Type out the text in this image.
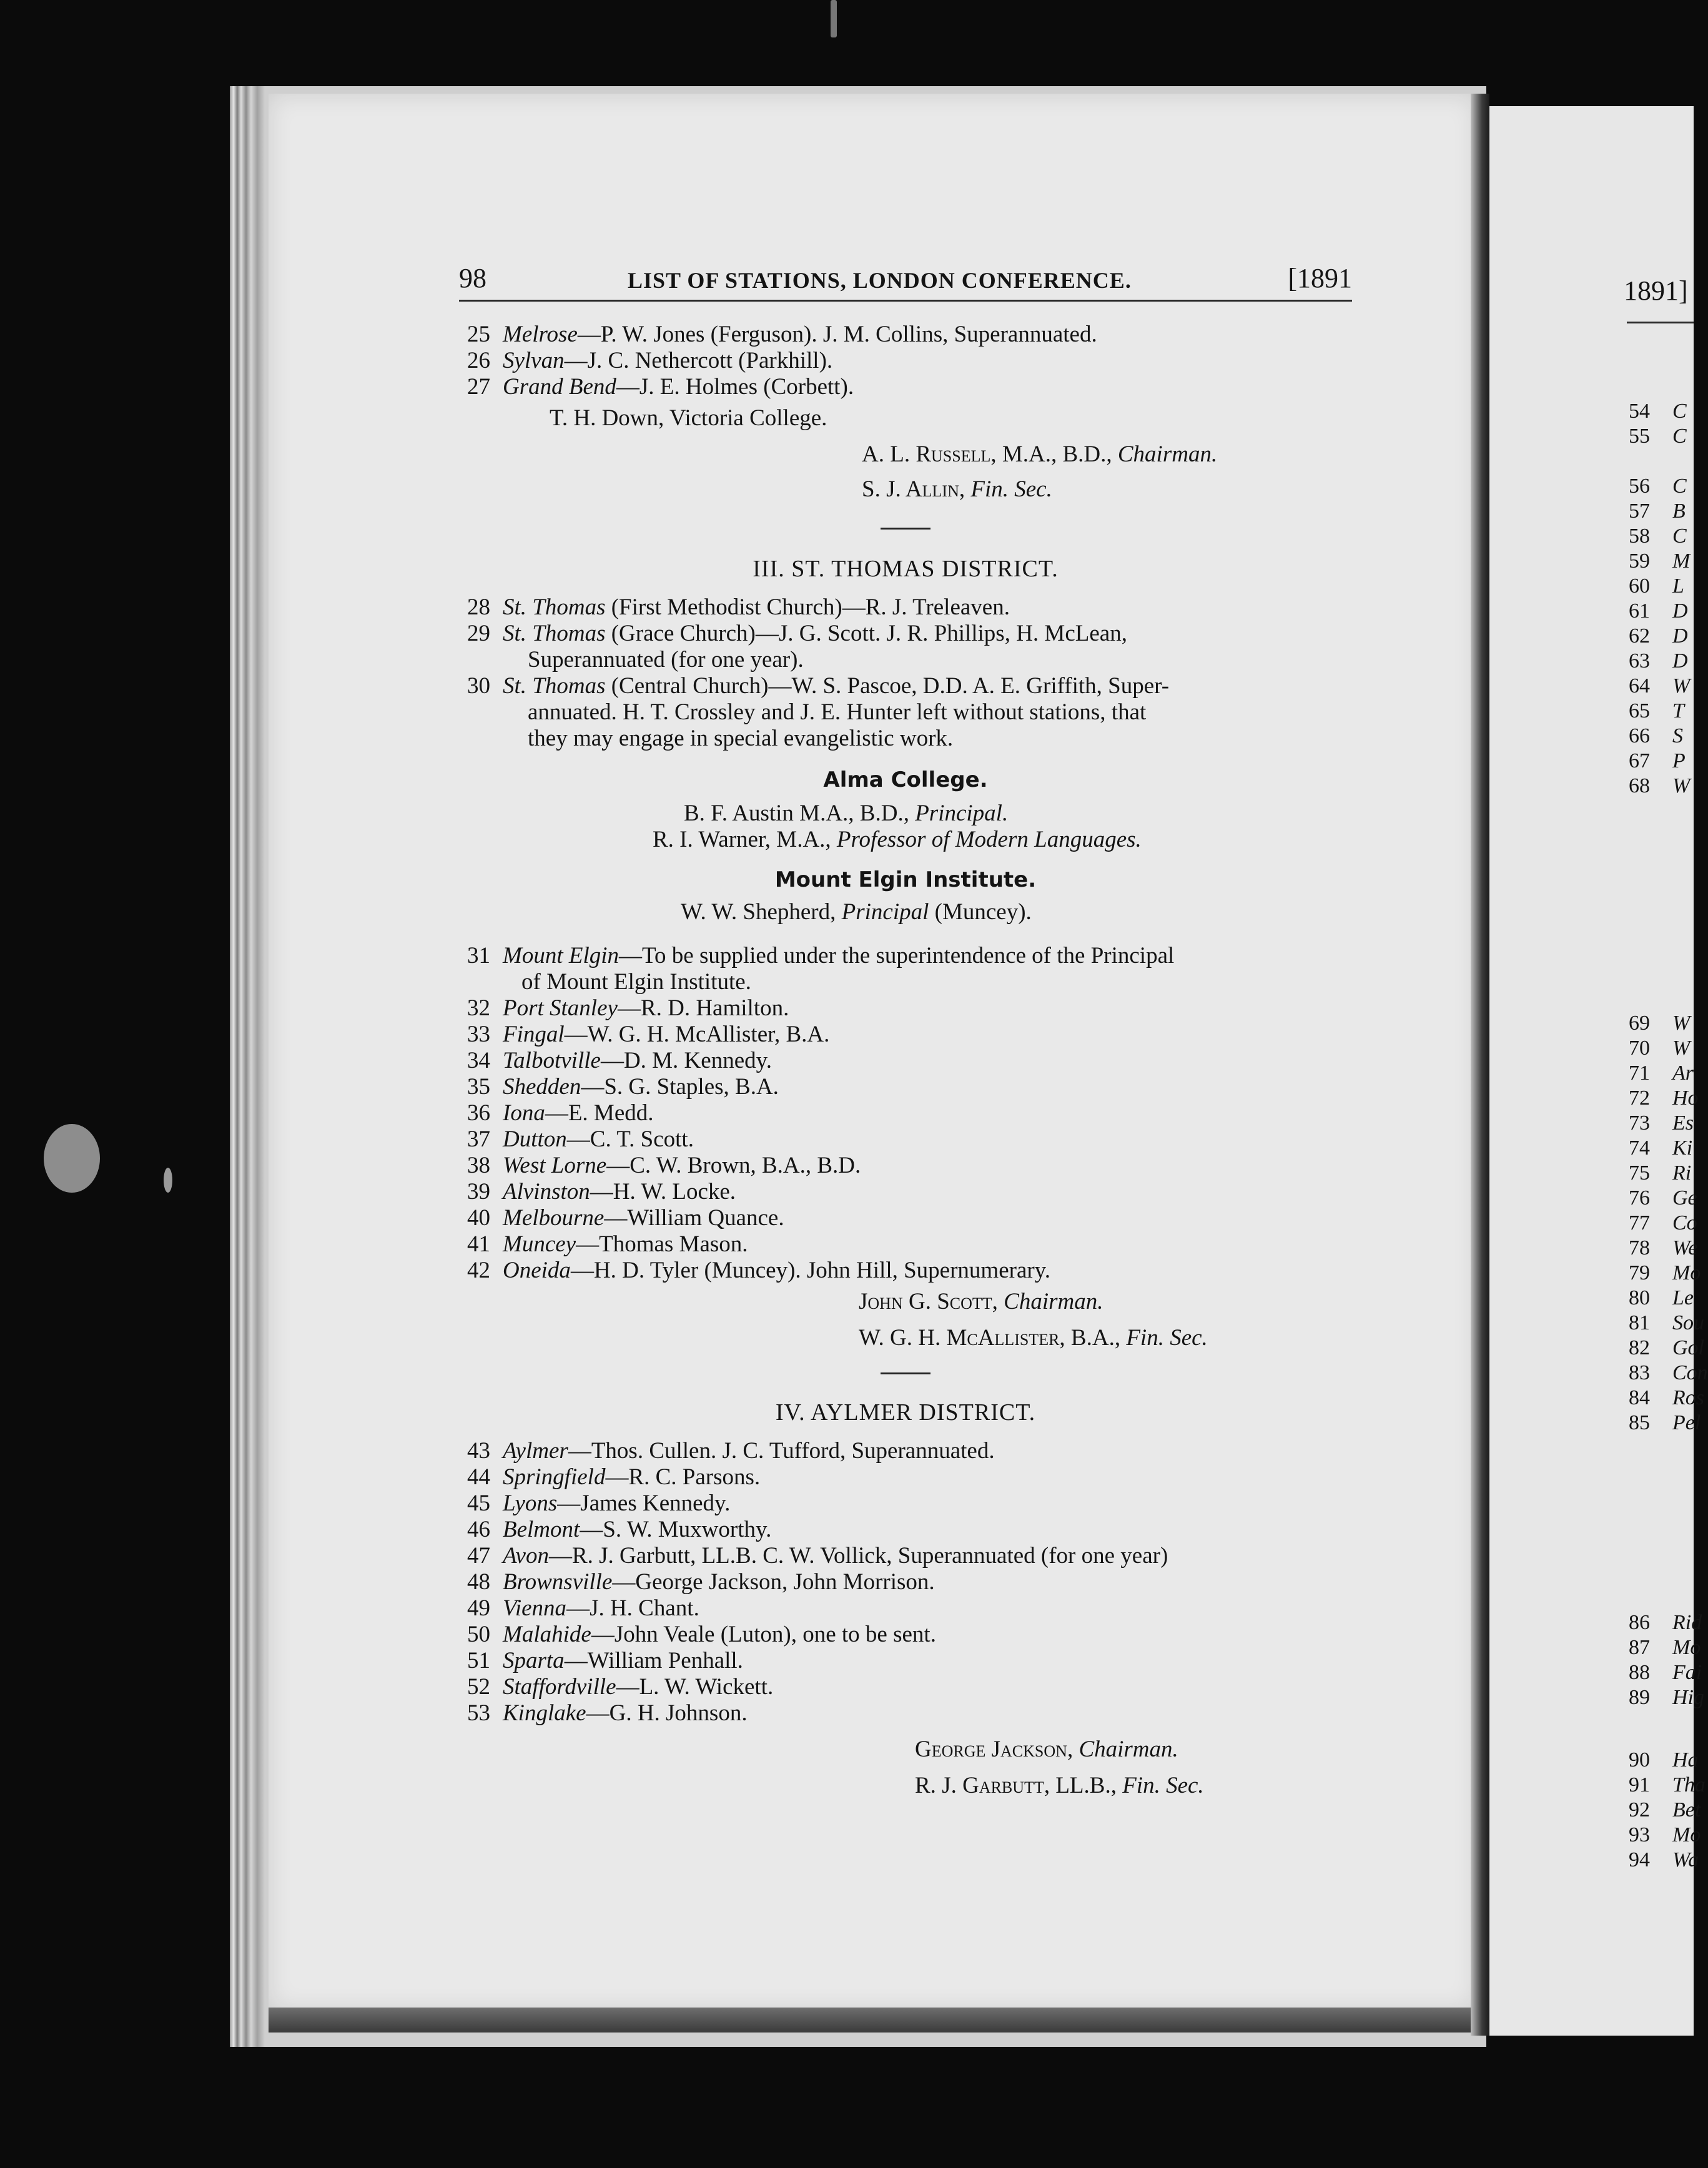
1891]
54 C
55 C
56 C
57 B
58 C
59 M
60 L
61 D
62 D
63 D
64 W
65 T
66 S
67 P
68 W
69 W
70 W
71 Ar
72 Ho
73 Es
74 Ki
75 Ri
76 Ge
77 Co
78 We
79 Mo
80 Le
81 Sou
82 Gol
83 Con
84 Ros
85 Pel
86 Rid
87 Mo
88 Fai
89 Hig
90 Ha
91 Tha
92 Bet
93 Mo
94 Wa
98	LIST OF STATIONS, LONDON CONFERENCE.	[1891
25 Melrose—P. W. Jones (Ferguson). J. M. Collins, Superannuated.
26 Sylvan—J. C. Nethercott (Parkhill).
27 Grand Bend—J. E. Holmes (Corbett).
T. H. Down, Victoria College.
A. L. Russell, M.A., B.D., Chairman.
S. J. Allin, Fin. Sec.
III. ST. THOMAS DISTRICT.
28 St. Thomas (First Methodist Church)—R. J. Treleaven.
29 St. Thomas (Grace Church)—J. G. Scott. J. R. Phillips, H. McLean,
Superannuated (for one year).
30 St. Thomas (Central Church)—W. S. Pascoe, D.D. A. E. Griffith, Super-
annuated. H. T. Crossley and J. E. Hunter left without stations, that
they may engage in special evangelistic work.
Alma College.
B. F. Austin M.A., B.D., Principal.
R. I. Warner, M.A., Professor of Modern Languages.
Mount Elgin Institute.
W. W. Shepherd, Principal (Muncey).
31 Mount Elgin—To be supplied under the superintendence of the Principal
of Mount Elgin Institute.
32 Port Stanley—R. D. Hamilton.
33 Fingal—W. G. H. McAllister, B.A.
34 Talbotville—D. M. Kennedy.
35 Shedden—S. G. Staples, B.A.
36 Iona—E. Medd.
37 Dutton—C. T. Scott.
38 West Lorne—C. W. Brown, B.A., B.D.
39 Alvinston—H. W. Locke.
40 Melbourne—William Quance.
41 Muncey—Thomas Mason.
42 Oneida—H. D. Tyler (Muncey). John Hill, Supernumerary.
John G. Scott, Chairman.
W. G. H. McAllister, B.A., Fin. Sec.
IV. AYLMER DISTRICT.
43 Aylmer—Thos. Cullen. J. C. Tufford, Superannuated.
44 Springfield—R. C. Parsons.
45 Lyons—James Kennedy.
46 Belmont—S. W. Muxworthy.
47 Avon—R. J. Garbutt, LL.B. C. W. Vollick, Superannuated (for one year)
48 Brownsville—George Jackson, John Morrison.
49 Vienna—J. H. Chant.
50 Malahide—John Veale (Luton), one to be sent.
51 Sparta—William Penhall.
52 Staffordville—L. W. Wickett.
53 Kinglake—G. H. Johnson.
George Jackson, Chairman.
R. J. Garbutt, LL.B., Fin. Sec.
